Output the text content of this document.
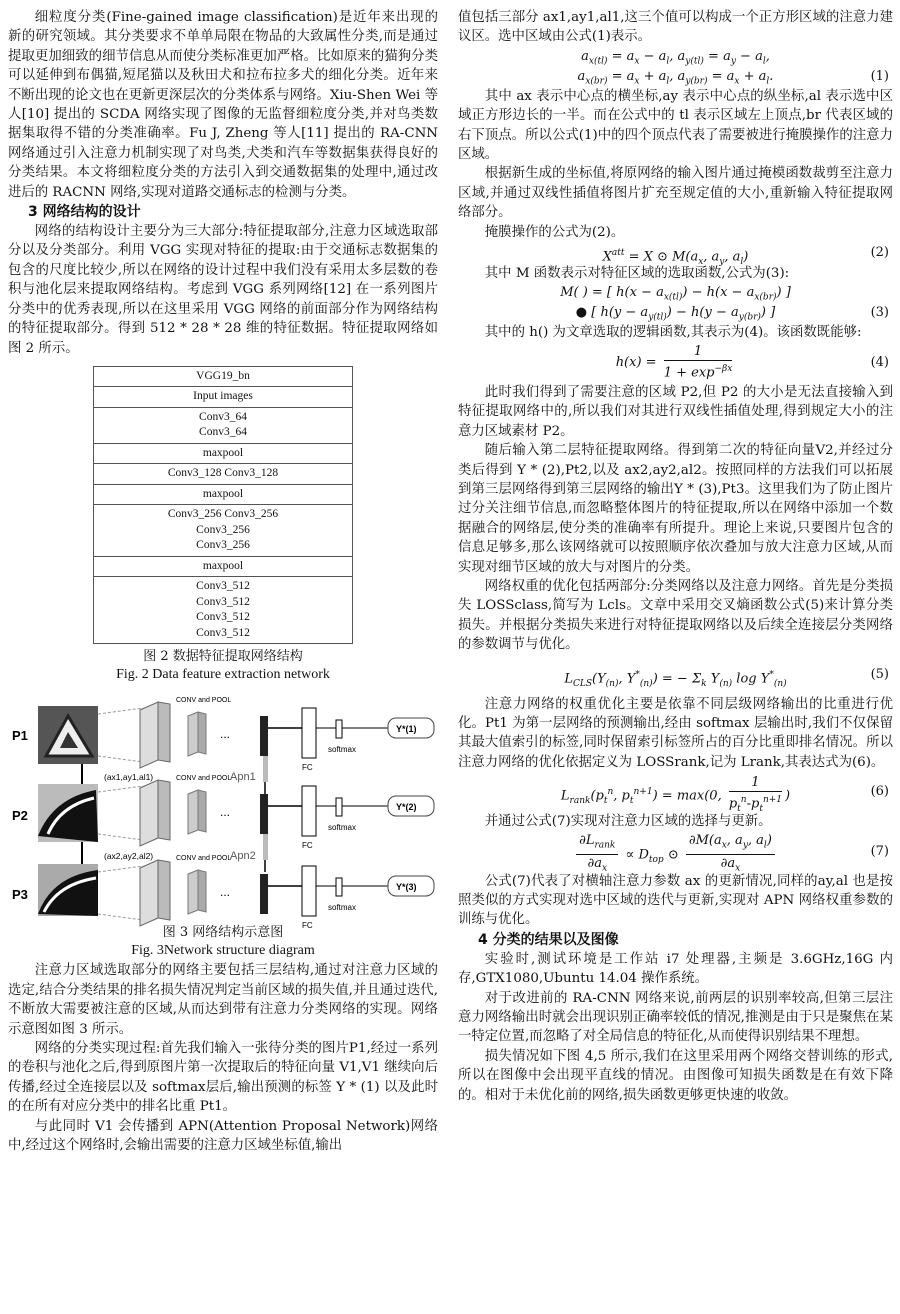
细粒度分类(Fine-gained image classification)是近年来出现的新的研究领域。其分类要求不单单局限在物品的大致属性分类,而是通过提取更加细致的细节信息从而使分类标准更加严格。比如原来的猫狗分类可以延伸到布偶猫,短尾猫以及秋田犬和拉布拉多犬的细化分类。近年来不断出现的论文也在更新更深层次的分类体系与网络。Xiu-Shen Wei 等人[10] 提出的 SCDA 网络实现了图像的无监督细粒度分类,并对鸟类数据集取得不错的分类准确率。Fu J, Zheng 等人[11] 提出的 RA-CNN 网络通过引入注意力机制实现了对鸟类,犬类和汽车等数据集获得良好的分类结果。本文将细粒度分类的方法引入到交通数据集的处理中,通过改进后的 RACNN 网络,实现对道路交通标志的检测与分类。

3 网络结构的设计

网络的结构设计主要分为三大部分:特征提取部分,注意力区域选取部分以及分类部分。利用 VGG 实现对特征的提取:由于交通标志数据集的包含的尺度比较少,所以在网络的设计过程中我们没有采用太多层数的卷积与池化层来提取网络结构。考虑到 VGG 系列网络[12] 在一系列图片分类中的优秀表现,所以在这里采用 VGG 网络的前面部分作为网络结构的特征提取部分。得到 512 * 28 * 28 维的特征数据。特征提取网络如图 2 所示。

VGG19_bn
Input images
Conv3_64
Conv3_64
maxpool
Conv3_128 Conv3_128
maxpool
Conv3_256 Conv3_256
Conv3_256
Conv3_256
maxpool
Conv3_512
Conv3_512
Conv3_512
Conv3_512
图 2 数据特征提取网络结构
Fig. 2 Data feature extraction network
P1
P2
P3
CONV and POOL
...
FC
softmax
Y*(1)
CONV and POOL
...
FC
softmax
Y*(2)
CONV and POOL
...
FC
softmax
Y*(3)
(ax1,ay1,al1)
(ax2,ay2,al2)
Apn1
Apn2
图 3 网络结构示意图
Fig. 3Network structure diagram

注意力区域选取部分的网络主要包括三层结构,通过对注意力区域的选定,结合分类结果的排名损失情况判定当前区域的损失值,并且通过迭代,不断放大需要被注意的区域,从而达到带有注意力分类网络的实现。网络示意图如图 3 所示。

网络的分类实现过程:首先我们输入一张待分类的图片P1,经过一系列的卷积与池化之后,得到原图片第一次提取后的特征向量 V1,V1 继续向后传播,经过全连接层以及 softmax层后,输出预测的标签 Y * (1) 以及此时的在所有对应分类中的排名比重 Pt1。

与此同时 V1 会传播到 APN(Attention Proposal Network)网络中,经过这个网络时,会输出需要的注意力区域坐标值,输出

值包括三部分 ax1,ay1,al1,这三个值可以构成一个正方形区域的注意力建议区。选中区域由公式(1)表示。

$a_{x(tl)} = a_x - a_l$, $a_{y(tl)} = a_y - a_l$,
$a_{x(br)} = a_x + a_l$, $a_{y(br)} = a_x + a_l$.	(1)

其中 ax 表示中心点的横坐标,ay 表示中心点的纵坐标,al 表示选中区域正方形边长的一半。而在公式中的 tl 表示区域左上顶点,br 代表区域的右下顶点。所以公式(1)中的四个顶点代表了需要被进行掩膜操作的注意力区域。

根据新生成的坐标值,将原网络的输入图片通过掩模函数裁剪至注意力区域,并通过双线性插值将图片扩充至规定值的大小,重新输入特征提取网络部分。

掩膜操作的公式为(2)。

$X^{att} = X$ ⊙ $M(a_x$, $a_y$, $a_l$)	(2)

其中 M 函数表示对特征区域的选取函数,公式为(3):

M( ) = [ $h(x - a_{x(tl)}) - h(x - a_{x(br)})$ ]
● [ $h(y - a_{y(tl)}) - h(y - a_{y(br)})$ ]	(3)

其中的 h() 为文章选取的逻辑函数,其表示为(4)。该函数既能够:

$h(x) = \frac{1}{1 + \exp^{-\beta x}}$	(4)

此时我们得到了需要注意的区域 P2,但 P2 的大小是无法直接输入到特征提取网络中的,所以我们对其进行双线性插值处理,得到规定大小的注意力区域素材 P2。

随后输入第二层特征提取网络。得到第二次的特征向量V2,并经过分类后得到 Y * (2),Pt2,以及 ax2,ay2,al2。按照同样的方法我们可以拓展到第三层网络得到第三层网络的输出Y * (3),Pt3。这里我们为了防止图片过分关注细节信息,而忽略整体图片的特征提取,所以在网络中添加一个数据融合的网络层,使分类的准确率有所提升。理论上来说,只要图片包含的信息足够多,那么该网络就可以按照顺序依次叠加与放大注意力区域,从而实现对细节区域的放大与对图片的分类。

网络权重的优化包括两部分:分类网络以及注意力网络。首先是分类损失 LOSSclass,简写为 Lcls。文章中采用交叉熵函数公式(5)来计算分类损失。并根据分类损失来进行对特征提取网络以及后续全连接层分类网络的参数调节与优化。

$L_{CLS}(Y_{(n)}$, $Y^*_{(n)}$) = − $\Sigma_k$ $Y_{(n)}$ $\log Y^*_{(n)}$
(5)

注意力网络的权重优化主要是依靠不同层级网络输出的比重进行优化。Pt1 为第一层网络的预测输出,经由 softmax 层输出时,我们不仅保留其最大值索引的标签,同时保留索引标签所占的百分比重即排名情况。所以注意力网络的优化依据定义为 LOSSrank,记为 Lrank,其表达式为(6)。

$L_{rank}(p_t^n$, $p_t^{n+1}) = \max(0$, $\frac{1}{p_t^n-p_t^{n+1}}$ )	(6)

并通过公式(7)实现对注意力区域的选择与更新。

$\frac{\partial L_{rank}}{\partial a_x} \propto D_{top}$ ⊙ $\frac{\partial M(a_x, a_y, a_l)}{\partial a_x}$	(7)

公式(7)代表了对横轴注意力参数 ax 的更新情况,同样的ay,al 也是按照类似的方式实现对选中区域的迭代与更新,实现对 APN 网络权重参数的训练与优化。

4 分类的结果以及图像

实验时,测试环境是工作站 i7 处理器,主频是 3.6GHz,16G 内存,GTX1080,Ubuntu 14.04 操作系统。

对于改进前的 RA-CNN 网络来说,前两层的识别率较高,但第三层注意力网络输出时就会出现识别正确率较低的情况,推测是由于只是聚焦在某一特定位置,而忽略了对全局信息的特征化,从而使得识别结果不理想。

损失情况如下图 4,5 所示,我们在这里采用两个网络交替训练的形式,所以在图像中会出现平直线的情况。由图像可知损失函数是在有效下降的。相对于未优化前的网络,损失函数更够更快速的收敛。
